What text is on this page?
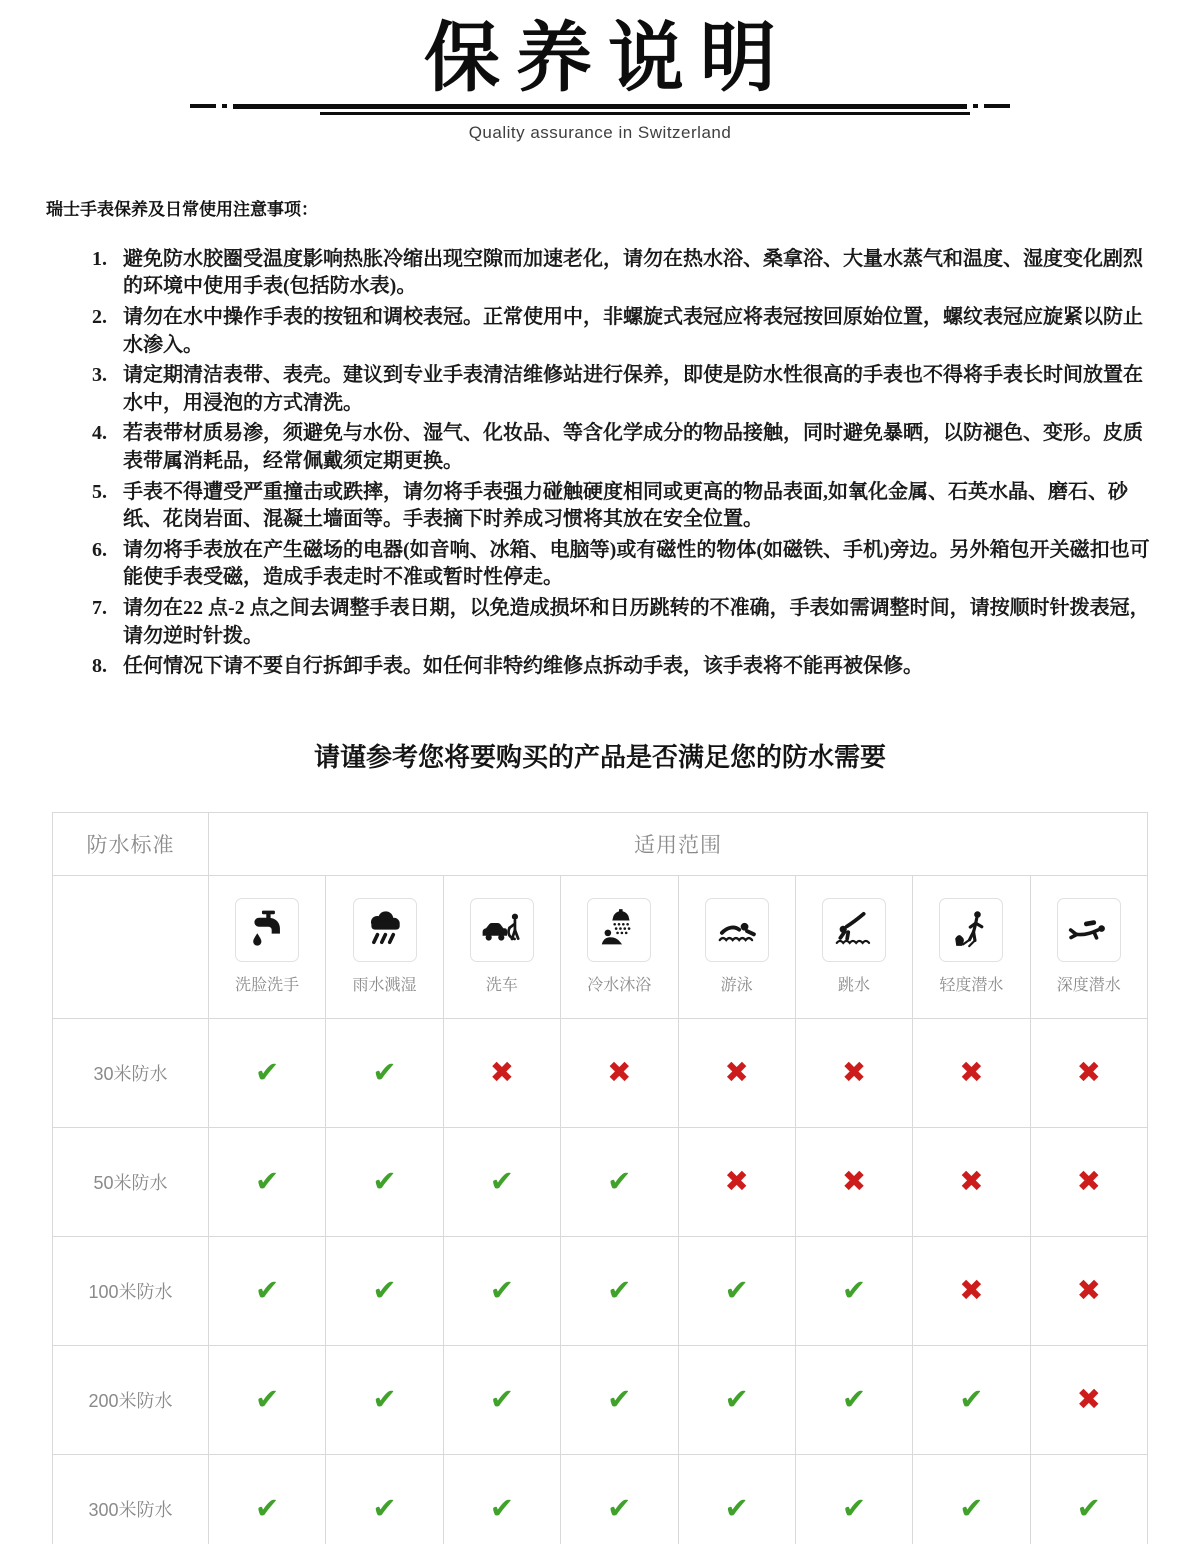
保养说明
Quality assurance in Switzerland
瑞士手表保养及日常使用注意事项：
避免防水胶圈受温度影响热胀冷缩出现空隙而加速老化，请勿在热水浴、桑拿浴、大量水蒸气和温度、湿度变化剧烈的环境中使用手表(包括防水表)。
请勿在水中操作手表的按钮和调校表冠。正常使用中，非螺旋式表冠应将表冠按回原始位置，螺纹表冠应旋紧以防止水渗入。
请定期清洁表带、表壳。建议到专业手表清洁维修站进行保养，即使是防水性很高的手表也不得将手表长时间放置在水中，用浸泡的方式清洗。
若表带材质易渗，须避免与水份、湿气、化妆品、等含化学成分的物品接触，同时避免暴晒，以防褪色、变形。皮质表带属消耗品，经常佩戴须定期更换。
手表不得遭受严重撞击或跌摔，请勿将手表强力碰触硬度相同或更高的物品表面,如氧化金属、石英水晶、磨石、砂纸、花岗岩面、混凝土墙面等。手表摘下时养成习惯将其放在安全位置。
请勿将手表放在产生磁场的电器(如音响、冰箱、电脑等)或有磁性的物体(如磁铁、手机)旁边。另外箱包开关磁扣也可能使手表受磁，造成手表走时不准或暂时性停走。
请勿在22 点-2 点之间去调整手表日期，以免造成损坏和日历跳转的不准确，手表如需调整时间，请按顺时针拨表冠，请勿逆时针拨。
任何情况下请不要自行拆卸手表。如任何非特约维修点拆动手表，该手表将不能再被保修。
请谨参考您将要购买的产品是否满足您的防水需要
防水标准	适用范围							

	洗脸洗手	雨水溅湿	洗车	冷水沐浴	游泳	跳水	轻度潜水	深度潜水

30米防水	✔	✔	✖	✖	✖	✖	✖	✖
50米防水	✔	✔	✔	✔	✖	✖	✖	✖
100米防水	✔	✔	✔	✔	✔	✔	✖	✖
200米防水	✔	✔	✔	✔	✔	✔	✔	✖
300米防水	✔	✔	✔	✔	✔	✔	✔	✔
